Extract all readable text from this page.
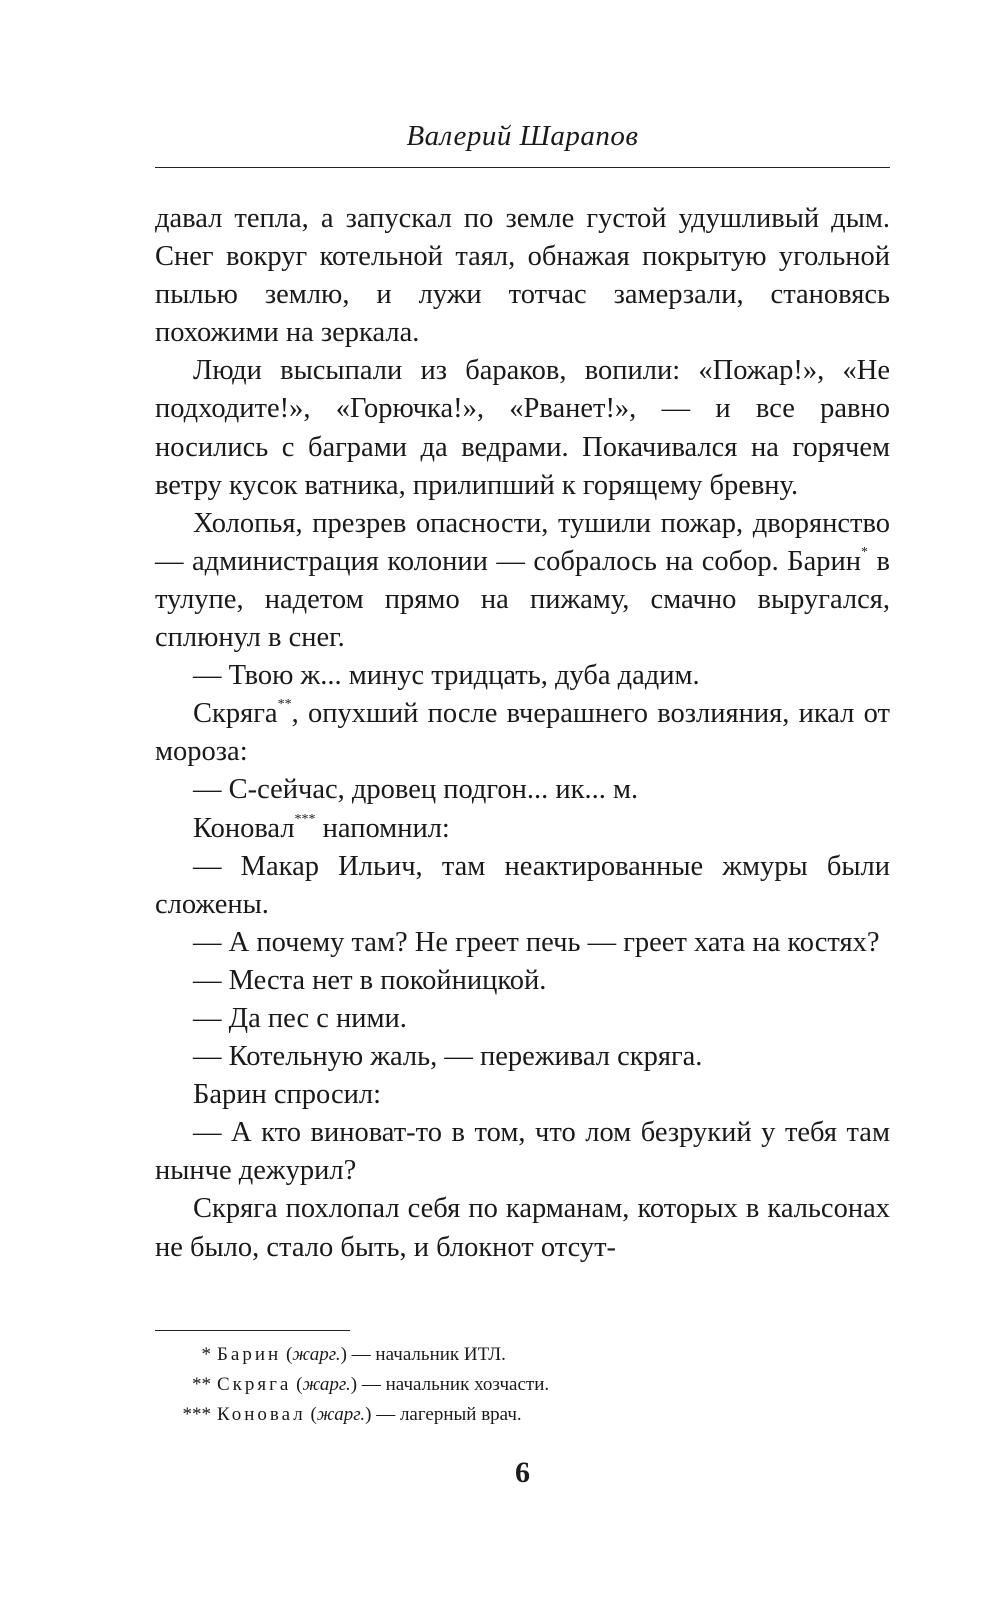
Валерий Шарапов

давал тепла, а запускал по земле густой удушливый дым. Снег вокруг котельной таял, обнажая покрытую угольной пылью землю, и лужи тотчас замерзали, становясь похожими на зеркала.

Люди высыпали из бараков, вопили: «Пожар!», «Не подходите!», «Горючка!», «Рванет!», — и все равно носились с баграми да ведрами. Покачивался на горячем ветру кусок ватника, прилипший к горящему бревну.

Холопья, презрев опасности, тушили пожар, дворянство — администрация колонии — собралось на собор. Барин* в тулупе, надетом прямо на пижаму, смачно выругался, сплюнул в снег.

— Твою ж... минус тридцать, дуба дадим.

Скряга**, опухший после вчерашнего возлияния, икал от мороза:

— С-сейчас, дровец подгон... ик... м.

Коновал*** напомнил:

— Макар Ильич, там неактированные жмуры были сложены.

— А почему там? Не греет печь — греет хата на костях?

— Места нет в покойницкой.

— Да пес с ними.

— Котельную жаль, — переживал скряга.

Барин спросил:

— А кто виноват-то в том, что лом безрукий у тебя там нынче дежурил?

Скряга похлопал себя по карманам, которых в кальсонах не было, стало быть, и блокнот отсут-

* Барин (жарг.) — начальник ИТЛ.
** Скряга (жарг.) — начальник хозчасти.
*** Коновал (жарг.) — лагерный врач.
6
